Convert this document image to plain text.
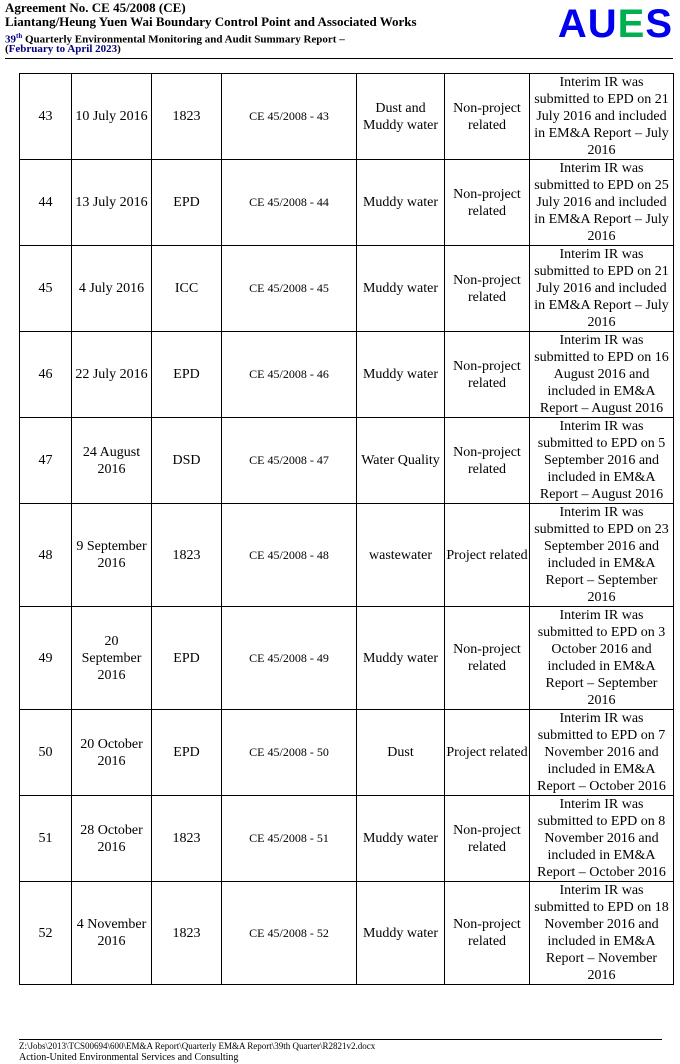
Agreement No. CE 45/2008 (CE)
Liantang/Heung Yuen Wai Boundary Control Point and Associated Works
39th Quarterly Environmental Monitoring and Audit Summary Report –
(February to April 2023)
AUES
43	10 July 2016	1823	CE 45/2008 - 43	Dust and Muddy water	Non-project related	Interim IR was submitted to EPD on 21 July 2016 and included in EM&A Report – July 2016
44	13 July 2016	EPD	CE 45/2008 - 44	Muddy water	Non-project related	Interim IR was submitted to EPD on 25 July 2016 and included in EM&A Report – July 2016
45	4 July 2016	ICC	CE 45/2008 - 45	Muddy water	Non-project related	Interim IR was submitted to EPD on 21 July 2016 and included in EM&A Report – July 2016
46	22 July 2016	EPD	CE 45/2008 - 46	Muddy water	Non-project related	Interim IR was submitted to EPD on 16 August 2016 and included in EM&A Report – August 2016
47	24 August 2016	DSD	CE 45/2008 - 47	Water Quality	Non-project related	Interim IR was submitted to EPD on 5 September 2016 and included in EM&A Report – August 2016
48	9 September 2016	1823	CE 45/2008 - 48	wastewater	Project related	Interim IR was submitted to EPD on 23 September 2016 and included in EM&A Report – September 2016
49	20 September 2016	EPD	CE 45/2008 - 49	Muddy water	Non-project related	Interim IR was submitted to EPD on 3 October 2016 and included in EM&A Report – September 2016
50	20 October 2016	EPD	CE 45/2008 - 50	Dust	Project related	Interim IR was submitted to EPD on 7 November 2016 and included in EM&A Report – October 2016
51	28 October 2016	1823	CE 45/2008 - 51	Muddy water	Non-project related	Interim IR was submitted to EPD on 8 November 2016 and included in EM&A Report – October 2016
52	4 November 2016	1823	CE 45/2008 - 52	Muddy water	Non-project related	Interim IR was submitted to EPD on 18 November 2016 and included in EM&A Report – November 2016
Z:\Jobs\2013\TCS00694\600\EM&A Report\Quarterly EM&A Report\39th Quarter\R2821v2.docx
Action-United Environmental Services and Consulting
